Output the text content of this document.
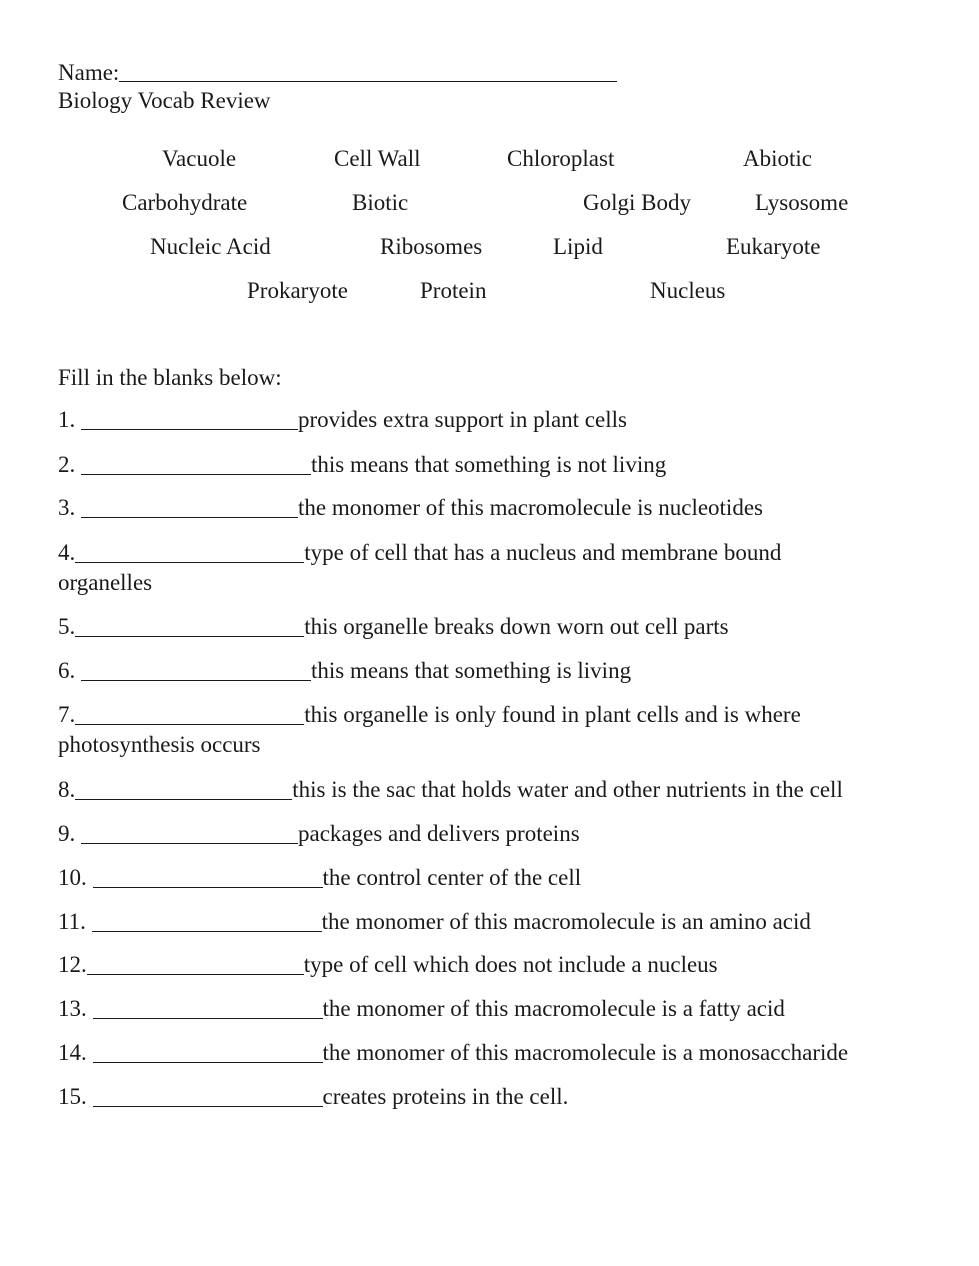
Name:
Biology Vocab Review
Vacuole	Cell Wall	Chloroplast	Abiotic
Carbohydrate	Biotic	Golgi Body	Lysosome
Nucleic Acid	Ribosomes	Lipid	Eukaryote
Prokaryote	Protein	Nucleus
Fill in the blanks below:
1.	provides extra support in plant cells
2.	this means that something is not living
3.	the monomer of this macromolecule is nucleotides
4.	type of cell that has a nucleus and membrane bound
organelles
5.	this organelle breaks down worn out cell parts
6.	this means that something is living
7.	this organelle is only found in plant cells and is where
photosynthesis occurs
8.	this is the sac that holds water and other nutrients in the cell
9.	packages and delivers proteins
10.	the control center of the cell
11.	the monomer of this macromolecule is an amino acid
12.	type of cell which does not include a nucleus
13.	the monomer of this macromolecule is a fatty acid
14.	the monomer of this macromolecule is a monosaccharide
15.	creates proteins in the cell.
